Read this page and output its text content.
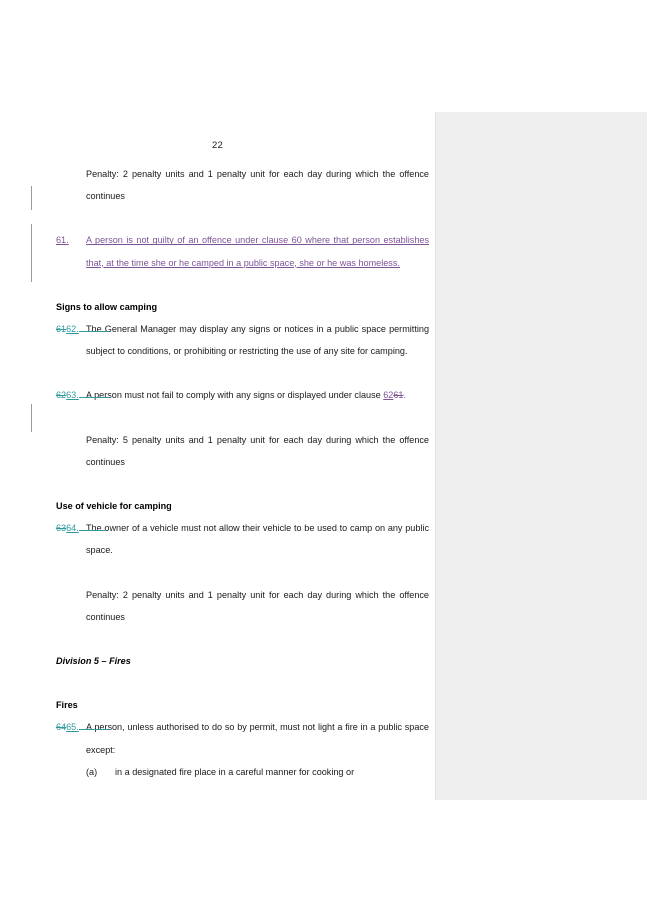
22
Penalty: 2 penalty units and 1 penalty unit for each day during which the offence continues
61. A person is not guilty of an offence under clause 60 where that person establishes that, at the time she or he camped in a public space, she or he was homeless.
Signs to allow camping
6162. The General Manager may display any signs or notices in a public space permitting subject to conditions, or prohibiting or restricting the use of any site for camping.
6263. A person must not fail to comply with any signs or displayed under clause 6261.
Penalty: 5 penalty units and 1 penalty unit for each day during which the offence continues
Use of vehicle for camping
6364. The owner of a vehicle must not allow their vehicle to be used to camp on any public space.
Penalty: 2 penalty units and 1 penalty unit for each day during which the offence continues
Division 5 – Fires
Fires
6465. A person, unless authorised to do so by permit, must not light a fire in a public space except:
(a) in a designated fire place in a careful manner for cooking or
